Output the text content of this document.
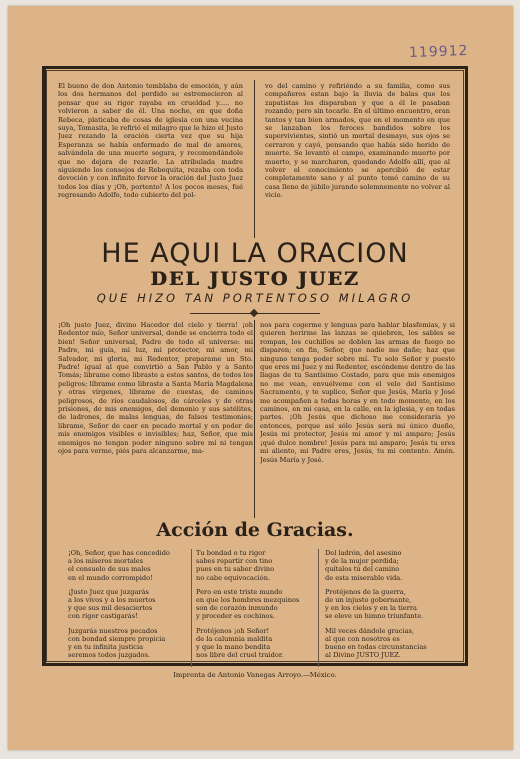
119912
El bueno de don Antonio temblaba de emoción, y aún los dos hermanos del perdido se estremecieron al pensar que su rigor rayaba en crueldad y..... no volvieron a saber de él. Una noche, en que doña Rebeca, platicaba de cosas de iglesia con una vecina suya, Tomasita, le refirió el milagro que le hizo el Justo Juez rezando la oración cierta vez que su hija Esperanza se había enfermado de mal de amores, salvándola de una muerte segura, y recomendándole que no dejara de rezarle. La atribulada madre siguiendo los consejos de Rebequita, rezaba con toda devoción y con infinito fervor la oración del Justo Juez todos los días y ¡Oh, portento! A los pocos meses, fué regresando Adolfo, todo cubierto del pol-
vo del camino y refiriéndo a su familia, como sus compañeros estan bajo la lluvia de balas que los zapatistas les disparaban y que a él le pasaban rozando; pero sin tocarle. En el último encuentro, eran tantos y tan bien armados, que en el momento en que se lanzaban los feroces bandidos sobre los supervivientes, sintió un mortal desmayo, sus ojos se cerraron y cayó, pensando que había sido herido de muerte. Se levantó el campo, examinando muerto por muerto, y se marcharon, quedando Adolfo allí, que al volver el conocimiento se apercibió de estar completamente sano y al punto tomó camino de su casa lleno de júbilo jurando solemnemente no volver al vicio.
HE AQUI LA ORACION
DEL JUSTO JUEZ
QUE HIZO TAN PORTENTOSO MILAGRO
¡Oh justo Juez, divino Hacedor del cielo y tierra! ¡oh Redentor mío, Señor universal, donde se encierra todo el bien! Señor universal, Padre de todo el universo: mi Padre, mi guía, mi luz, mi protector, mi amor, mi Salvador, mi gloria, mi Redentor, preparame un Sto. Padre! igual al que convirtió a San Pablo y a Santo Tomás; librame como libraste a estos santos, de todos los peligros; líbrame como libraste a Santa María Magdalena y otras vírgenes, líbrame de cuestas, de caminos peligrosos, de ríos caudalosos, de cárceles y de otras prisiones, de mis enemigos, del demonio y sus satélites, de ladrones, de malas lenguas, de falsos testimonios; librame, Señor de caer en pecado mortal y en poder de mis enemigos visibles e invisibles; haz, Señor, que mis enemigos no tengan poder ninguno sobre mí ni tengan ojos para verme, piés para alcanzarme, ma-
nos para cogerme y lenguas para hablar blasfemias, y si quieren herirme las lanzas se quiebren, los sables se rompan, los cuchillos se doblen las armas de fuego no disparen; en fin, Señor, que nadie me dañe; haz que ninguno tenga poder sobre mí. Tu solo Señor y puesto que eres mi Juez y mi Redentor, escóndeme dentro de las llagas de tu Santísimo Costado, para que mis enemigos no me vean, envuélveme con el velo del Santísimo Sacramento, y te suplico, Señor que Jesús, María y José me acompañen a todas horas y en todo momento, en los caminos, en mi casa, en la calle, en la iglesia, y en todas partes. ¡Oh Jesús que dichoso me consideraría yo entonces, porque así sólo Jesús será mi único dueño, Jesús mi protector, Jesús mi amor y mi amparo; Jesús ¡qué dulce nombre! Jesús para mi amparo; Jesús tu eres mi aliento, mi Padre eres, Jesús, tu mi contento. Amén. Jesús María y José.
Acción de Gracias.

¡Oh, Señor, que has concedido
a los míseros mortales
el consuelo de sus males
en el mundo corrompido!

¡Justo Juez que juzgarás
a los vivos y a los muertos
y que sus mil desaciertos
con rigor castigarás!

Juzgarás nuestros pecados
con bondad siempre propicia
y en tu infinita justicia
seremos todos juzgados.

Tu bondad o tu rigor
sabes repartir con tino
pues en tu saber divino
no cabe equivocación.

Pero en este triste mundo
en que los hombres mezquinos
son de corazón inmundo
y proceder es cochinos.

Protéjenos ¡oh Señor!
de la calumnia maldita
y que la mano bendita
nos libre del cruel traidor.

Del ladrón, del asesino
y de la mujer perdida;
quítalos tú del camino
de esta miserable vida.

Protéjenos de la guerra,
de un injusto gobernante,
y en los cielos y en la tierra
se eleve un himno triunfante.

Mil veces dándole gracias,
al que con nosotros es
bueno en todas circunstancias
al Divino JUSTO JUEZ.

Imprenta de Antonio Vanegas Arroyo.—México.
